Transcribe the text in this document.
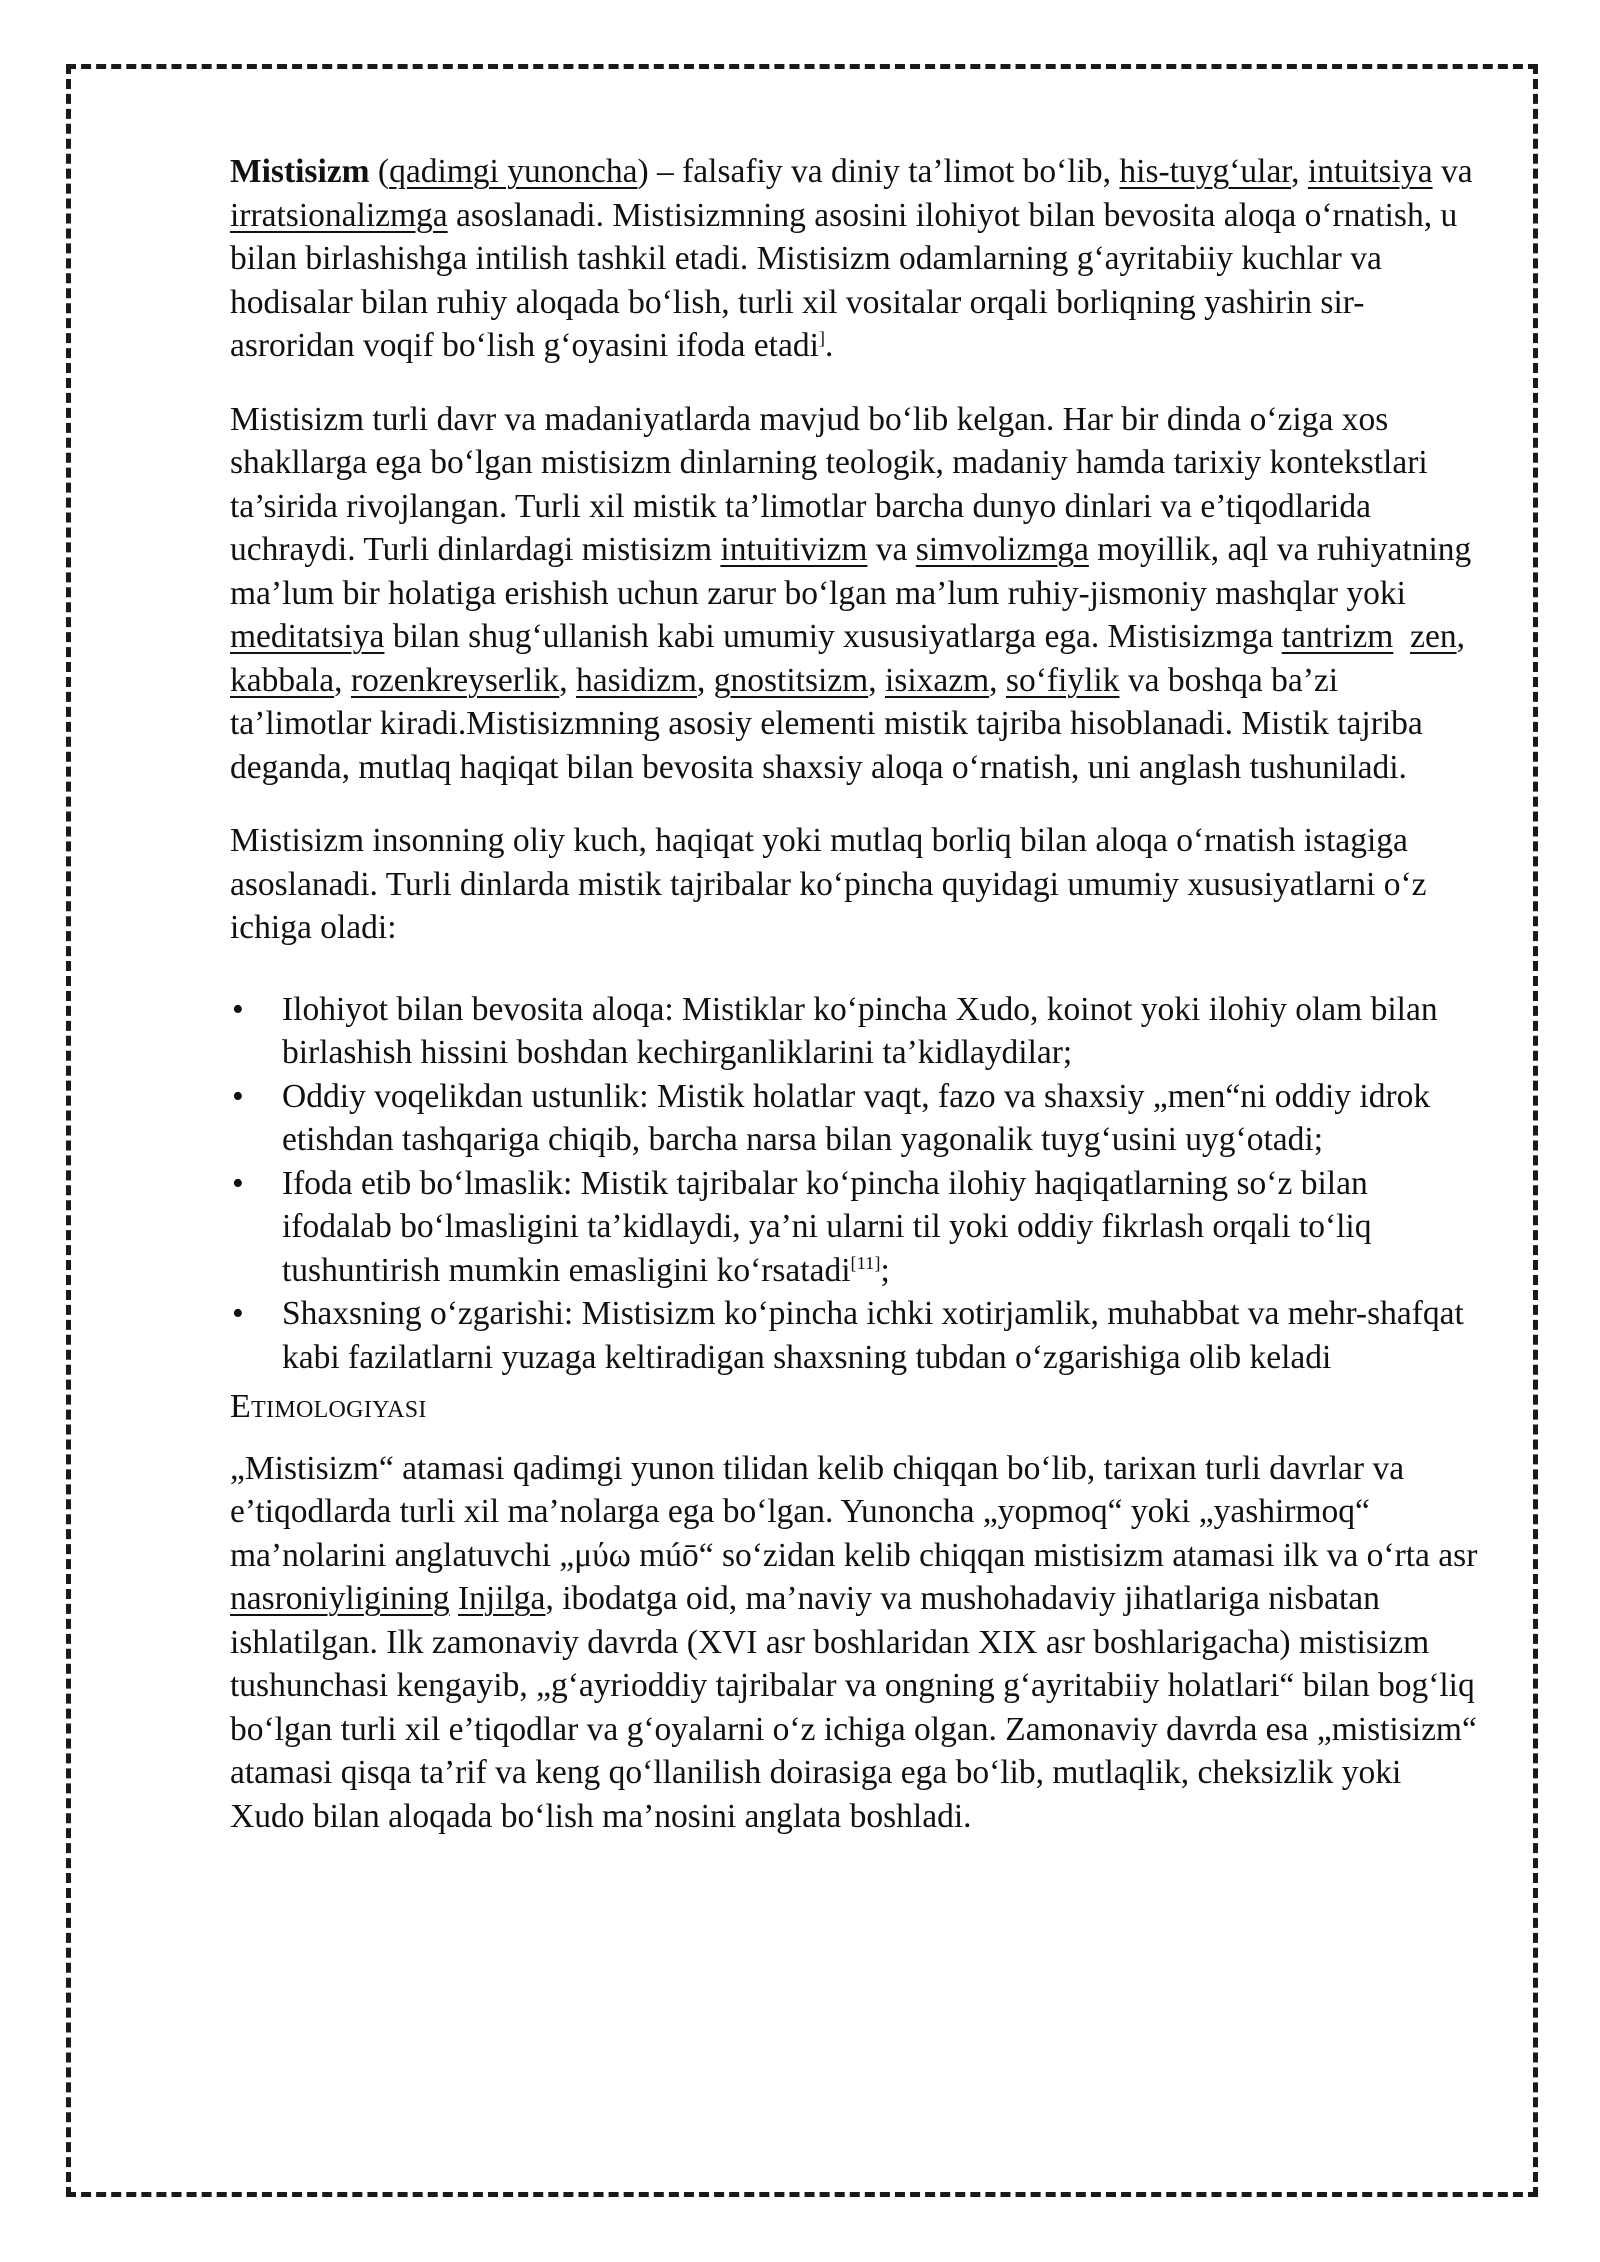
Mistisizm (qadimgi yunoncha) – falsafiy va diniy ta’limot bo‘lib, his-tuyg‘ular, intuitsiya va irratsionalizmga asoslanadi. Mistisizmning asosini ilohiyot bilan bevosita aloqa o‘rnatish, u bilan birlashishga intilish tashkil etadi. Mistisizm odamlarning g‘ayritabiiy kuchlar va hodisalar bilan ruhiy aloqada bo‘lish, turli xil vositalar orqali borliqning yashirin sir-asroridan voqif bo‘lish g‘oyasini ifoda etadi].

Mistisizm turli davr va madaniyatlarda mavjud bo‘lib kelgan. Har bir dinda o‘ziga xos shakllarga ega bo‘lgan mistisizm dinlarning teologik, madaniy hamda tarixiy kontekstlari ta’sirida rivojlangan. Turli xil mistik ta’limotlar barcha dunyo dinlari va e’tiqodlarida uchraydi. Turli dinlardagi mistisizm intuitivizm va simvolizmga moyillik, aql va ruhiyatning ma’lum bir holatiga erishish uchun zarur bo‘lgan ma’lum ruhiy-jismoniy mashqlar yoki meditatsiya bilan shug‘ullanish kabi umumiy xususiyatlarga ega. Mistisizmga tantrizm zen, kabbala, rozenkreyserlik, hasidizm, gnostitsizm, isixazm, so‘fiylik va boshqa ba’zi ta’limotlar kiradi.Mistisizmning asosiy elementi mistik tajriba hisoblanadi. Mistik tajriba deganda, mutlaq haqiqat bilan bevosita shaxsiy aloqa o‘rnatish, uni anglash tushuniladi.

Mistisizm insonning oliy kuch, haqiqat yoki mutlaq borliq bilan aloqa o‘rnatish istagiga asoslanadi. Turli dinlarda mistik tajribalar ko‘pincha quyidagi umumiy xususiyatlarni o‘z ichiga oladi:

• Ilohiyot bilan bevosita aloqa: Mistiklar ko‘pincha Xudo, koinot yoki ilohiy olam bilan birlashish hissini boshdan kechirganliklarini ta’kidlaydilar;
• Oddiy voqelikdan ustunlik: Mistik holatlar vaqt, fazo va shaxsiy „men“ni oddiy idrok etishdan tashqariga chiqib, barcha narsa bilan yagonalik tuyg‘usini uyg‘otadi;
• Ifoda etib bo‘lmaslik: Mistik tajribalar ko‘pincha ilohiy haqiqatlarning so‘z bilan ifodalab bo‘lmasligini ta’kidlaydi, ya’ni ularni til yoki oddiy fikrlash orqali to‘liq tushuntirish mumkin emasligini ko‘rsatadi[11];
• Shaxsning o‘zgarishi: Mistisizm ko‘pincha ichki xotirjamlik, muhabbat va mehr-shafqat kabi fazilatlarni yuzaga keltiradigan shaxsning tubdan o‘zgarishiga olib keladi
Etimologiyasi

„Mistisizm“ atamasi qadimgi yunon tilidan kelib chiqqan bo‘lib, tarixan turli davrlar va e’tiqodlarda turli xil ma’nolarga ega bo‘lgan. Yunoncha „yopmoq“ yoki „yashirmoq“ ma’nolarini anglatuvchi „μύω múō“ so‘zidan kelib chiqqan mistisizm atamasi ilk va o‘rta asr nasroniyligining Injilga, ibodatga oid, ma’naviy va mushohadaviy jihatlariga nisbatan ishlatilgan. Ilk zamonaviy davrda (XVI asr boshlaridan XIX asr boshlarigacha) mistisizm tushunchasi kengayib, „g‘ayrioddiy tajribalar va ongning g‘ayritabiiy holatlari“ bilan bog‘liq bo‘lgan turli xil e’tiqodlar va g‘oyalarni o‘z ichiga olgan. Zamonaviy davrda esa „mistisizm“ atamasi qisqa ta’rif va keng qo‘llanilish doirasiga ega bo‘lib, mutlaqlik, cheksizlik yoki Xudo bilan aloqada bo‘lish ma’nosini anglata boshladi.
